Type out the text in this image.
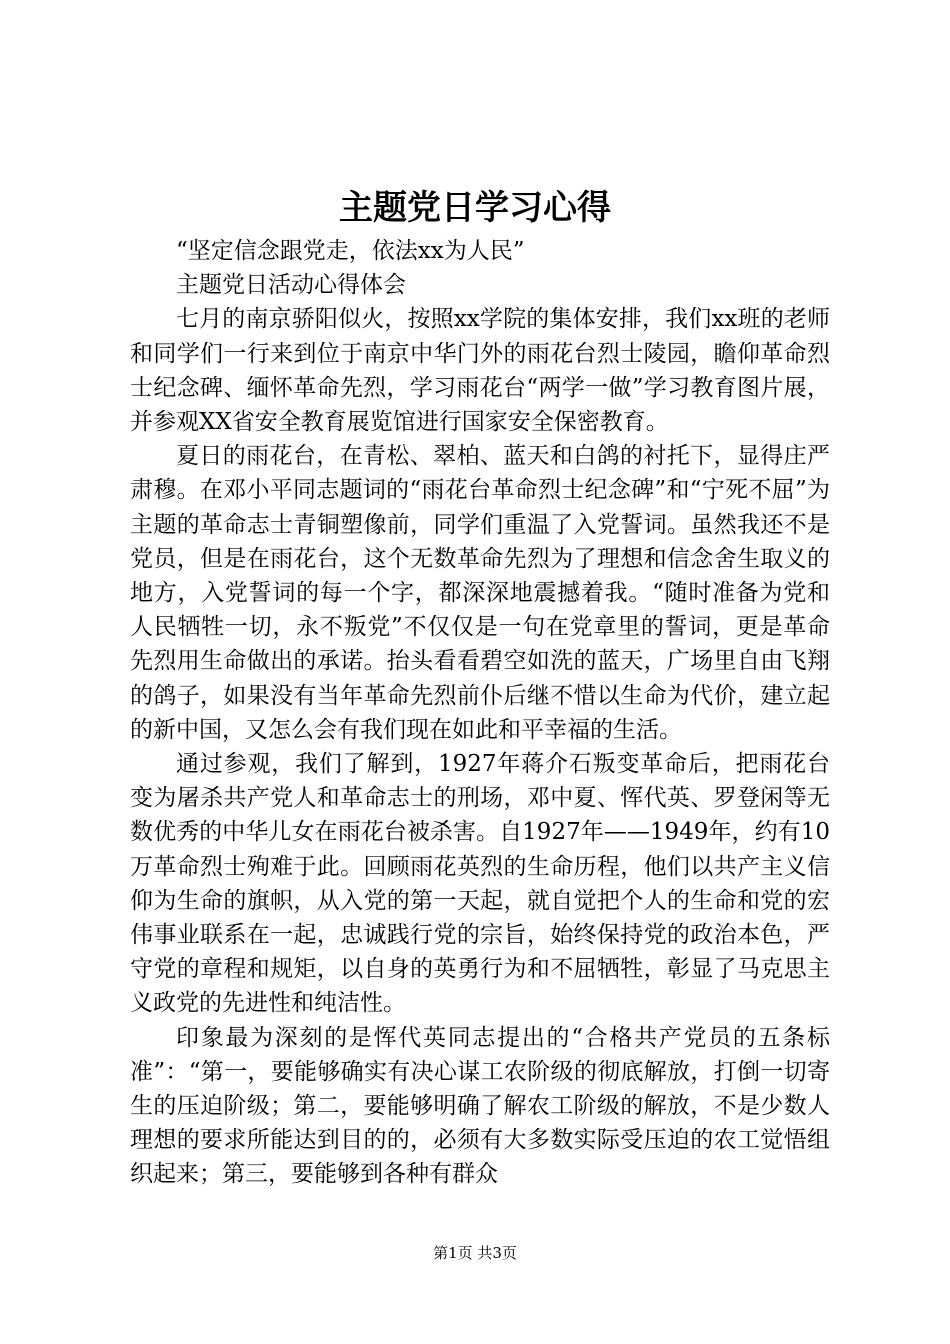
主题党日学习心得

“坚定信念跟党走，依法xx为人民”

主题党日活动心得体会

七月的南京骄阳似火，按照xx学院的集体安排，我们xx班的老师和同学们一行来到位于南京中华门外的雨花台烈士陵园，瞻仰革命烈士纪念碑、缅怀革命先烈，学习雨花台“两学一做”学习教育图片展，并参观XX省安全教育展览馆进行国家安全保密教育。

夏日的雨花台，在青松、翠柏、蓝天和白鸽的衬托下，显得庄严肃穆。在邓小平同志题词的“雨花台革命烈士纪念碑”和“宁死不屈”为主题的革命志士青铜塑像前，同学们重温了入党誓词。虽然我还不是党员，但是在雨花台，这个无数革命先烈为了理想和信念舍生取义的地方，入党誓词的每一个字，都深深地震撼着我。“随时准备为党和人民牺牲一切，永不叛党”不仅仅是一句在党章里的誓词，更是革命先烈用生命做出的承诺。抬头看看碧空如洗的蓝天，广场里自由飞翔的鸽子，如果没有当年革命先烈前仆后继不惜以生命为代价，建立起的新中国，又怎么会有我们现在如此和平幸福的生活。

通过参观，我们了解到，1927年蒋介石叛变革命后，把雨花台变为屠杀共产党人和革命志士的刑场，邓中夏、恽代英、罗登闲等无数优秀的中华儿女在雨花台被杀害。自1927年——1949年，约有10万革命烈士殉难于此。回顾雨花英烈的生命历程，他们以共产主义信仰为生命的旗帜，从入党的第一天起，就自觉把个人的生命和党的宏伟事业联系在一起，忠诚践行党的宗旨，始终保持党的政治本色，严守党的章程和规矩，以自身的英勇行为和不屈牺牲，彰显了马克思主义政党的先进性和纯洁性。

印象最为深刻的是恽代英同志提出的“合格共产党员的五条标准”：“第一，要能够确实有决心谋工农阶级的彻底解放，打倒一切寄生的压迫阶级；第二，要能够明确了解农工阶级的解放，不是少数人理想的要求所能达到目的的，必须有大多数实际受压迫的农工觉悟组织起来；第三，要能够到各种有群众

第1页 共3页
